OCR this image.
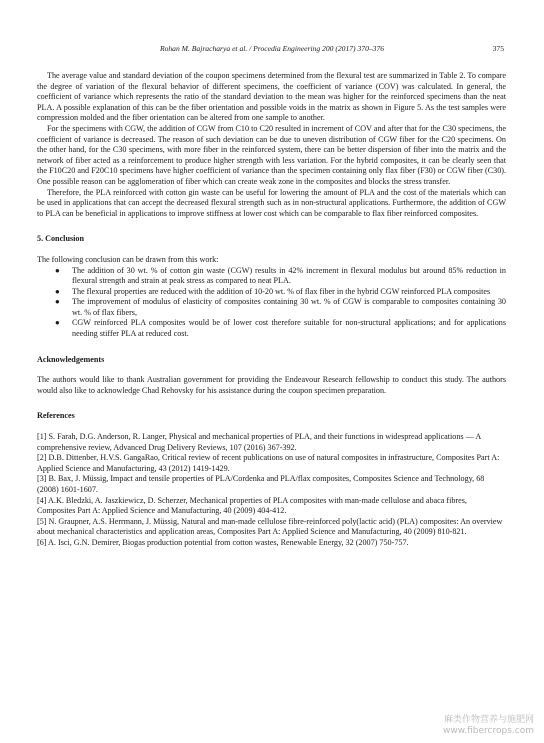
Rohan M. Bajracharya et al. / Procedia Engineering 200 (2017) 370–376	375

The average value and standard deviation of the coupon specimens determined from the flexural test are summarized in Table 2. To compare the degree of variation of the flexural behavior of different specimens, the coefficient of variance (COV) was calculated. In general, the coefficient of variance which represents the ratio of the standard deviation to the mean was higher for the reinforced specimens than the neat PLA. A possible explanation of this can be the fiber orientation and possible voids in the matrix as shown in Figure 5. As the test samples were compression molded and the fiber orientation can be altered from one sample to another.

For the specimens with CGW, the addition of CGW from C10 to C20 resulted in increment of COV and after that for the C30 specimens, the coefficient of variance is decreased. The reason of such deviation can be due to uneven distribution of CGW fiber for the C20 specimens. On the other hand, for the C30 specimens, with more fiber in the reinforced system, there can be better dispersion of fiber into the matrix and the network of fiber acted as a reinforcement to produce higher strength with less variation. For the hybrid composites, it can be clearly seen that the F10C20 and F20C10 specimens have higher coefficient of variance than the specimen containing only flax fiber (F30) or CGW fiber (C30). One possible reason can be agglomeration of fiber which can create weak zone in the composites and blocks the stress transfer.

Therefore, the PLA reinforced with cotton gin waste can be useful for lowering the amount of PLA and the cost of the materials which can be used in applications that can accept the decreased flexural strength such as in non-structural applications. Furthermore, the addition of CGW to PLA can be beneficial in applications to improve stiffness at lower cost which can be comparable to flax fiber reinforced composites.

5. Conclusion

The following conclusion can be drawn from this work:

● The addition of 30 wt. % of cotton gin waste (CGW) results in 42% increment in flexural modulus but around 85% reduction in flexural strength and strain at peak stress as compared to neat PLA.
● The flexural properties are reduced with the addition of 10-20 wt. % of flax fiber in the hybrid CGW reinforced PLA composites
● The improvement of modulus of elasticity of composites containing 30 wt. % of CGW is comparable to composites containing 30 wt. % of flax fibers,
● CGW reinforced PLA composites would be of lower cost therefore suitable for non-structural applications; and for applications needing stiffer PLA at reduced cost.
Acknowledgements

The authors would like to thank Australian government for providing the Endeavour Research fellowship to conduct this study. The authors would also like to acknowledge Chad Rehovsky for his assistance during the coupon specimen preparation.

References

[1] S. Farah, D.G. Anderson, R. Langer, Physical and mechanical properties of PLA, and their functions in widespread applications — A comprehensive review, Advanced Drug Delivery Reviews, 107 (2016) 367-392.

[2] D.B. Dittenber, H.V.S. GangaRao, Critical review of recent publications on use of natural composites in infrastructure, Composites Part A: Applied Science and Manufacturing, 43 (2012) 1419-1429.

[3] B. Bax, J. Müssig, Impact and tensile properties of PLA/Cordenka and PLA/flax composites, Composites Science and Technology, 68 (2008) 1601-1607.

[4] A.K. Bledzki, A. Jaszkiewicz, D. Scherzer, Mechanical properties of PLA composites with man-made cellulose and abaca fibres, Composites Part A: Applied Science and Manufacturing, 40 (2009) 404-412.

[5] N. Graupner, A.S. Herrmann, J. Müssig, Natural and man-made cellulose fibre-reinforced poly(lactic acid) (PLA) composites: An overview about mechanical characteristics and application areas, Composites Part A: Applied Science and Manufacturing, 40 (2009) 810-821.

[6] A. Isci, G.N. Demirer, Biogas production potential from cotton wastes, Renewable Energy, 32 (2007) 750-757.

麻类作物营养与施肥网
www.fibercrops.com
